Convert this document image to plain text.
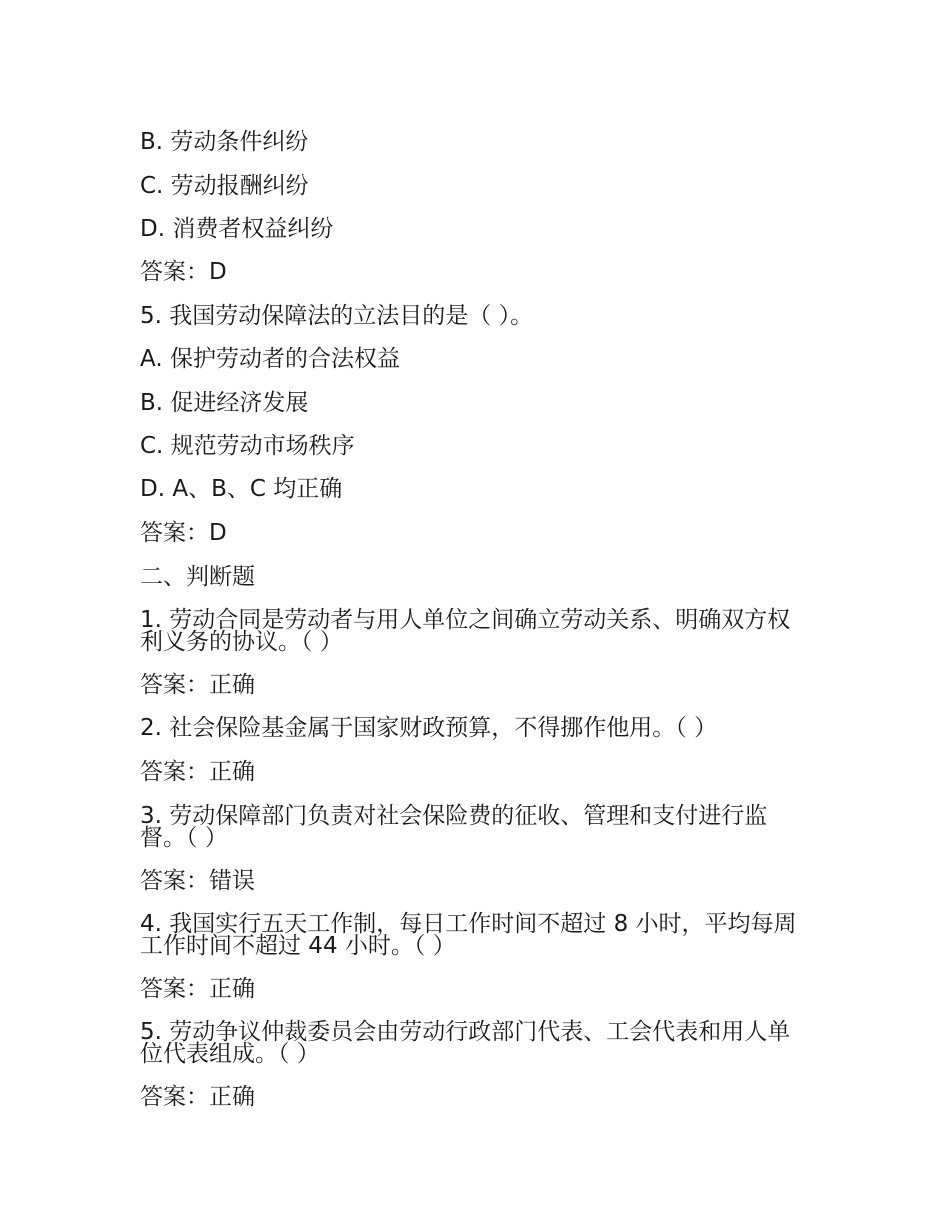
B. 劳动条件纠纷
C. 劳动报酬纠纷
D. 消费者权益纠纷
答案：D
5. 我国劳动保障法的立法目的是（ ）。
A. 保护劳动者的合法权益
B. 促进经济发展
C. 规范劳动市场秩序
D. A、B、C 均正确
答案：D
二、判断题
1. 劳动合同是劳动者与用人单位之间确立劳动关系、明确双方权利义务的协议。（ ）
答案：正确
2. 社会保险基金属于国家财政预算，不得挪作他用。（ ）
答案：正确
3. 劳动保障部门负责对社会保险费的征收、管理和支付进行监督。（ ）
答案：错误
4. 我国实行五天工作制，每日工作时间不超过 8 小时，平均每周工作时间不超过 44 小时。（ ）
答案：正确
5. 劳动争议仲裁委员会由劳动行政部门代表、工会代表和用人单位代表组成。（ ）
答案：正确
